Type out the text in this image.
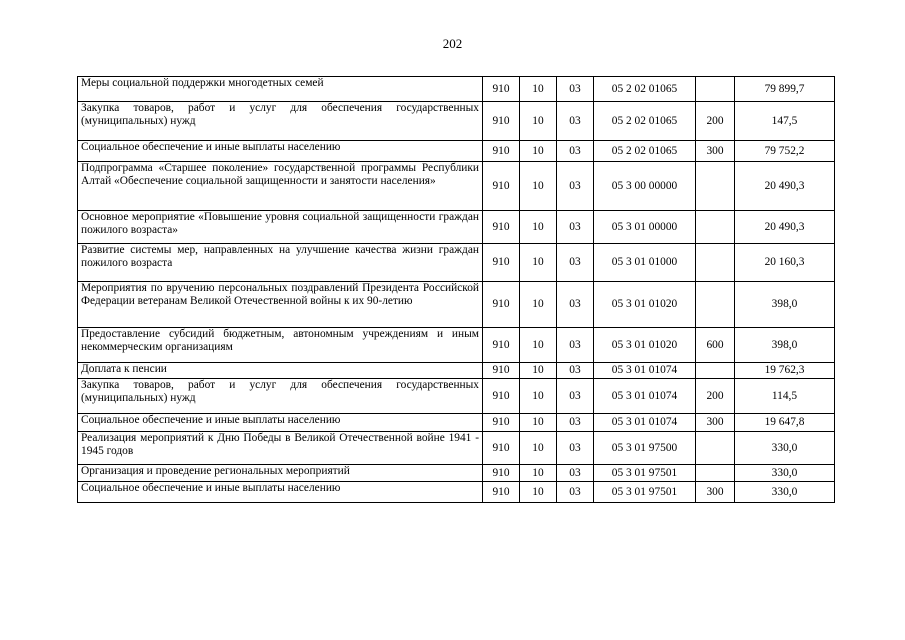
202
Меры социальной поддержки многодетных семей	910	10	03	05 2 02 01065		79 899,7
Закупка товаров, работ и услуг для обеспечения государственных (муниципальных) нужд	910	10	03	05 2 02 01065	200	147,5
Социальное обеспечение и иные выплаты населению	910	10	03	05 2 02 01065	300	79 752,2
Подпрограмма «Старшее поколение» государственной программы Республики Алтай «Обеспечение социальной защищенности и занятости населения»	910	10	03	05 3 00 00000		20 490,3
Основное мероприятие «Повышение уровня социальной защищенности граждан пожилого возраста»	910	10	03	05 3 01 00000		20 490,3
Развитие системы мер, направленных на улучшение качества жизни граждан пожилого возраста	910	10	03	05 3 01 01000		20 160,3
Мероприятия по вручению персональных поздравлений Президента Российской Федерации ветеранам Великой Отечественной войны к их 90-летию	910	10	03	05 3 01 01020		398,0
Предоставление субсидий бюджетным, автономным учреждениям и иным некоммерческим организациям	910	10	03	05 3 01 01020	600	398,0
Доплата к пенсии	910	10	03	05 3 01 01074		19 762,3
Закупка товаров, работ и услуг для обеспечения государственных (муниципальных) нужд	910	10	03	05 3 01 01074	200	114,5
Социальное обеспечение и иные выплаты населению	910	10	03	05 3 01 01074	300	19 647,8
Реализация мероприятий к Дню Победы в Великой Отечественной войне 1941 - 1945 годов	910	10	03	05 3 01 97500		330,0
Организация и проведение региональных мероприятий	910	10	03	05 3 01 97501		330,0
Социальное обеспечение и иные выплаты населению	910	10	03	05 3 01 97501	300	330,0
